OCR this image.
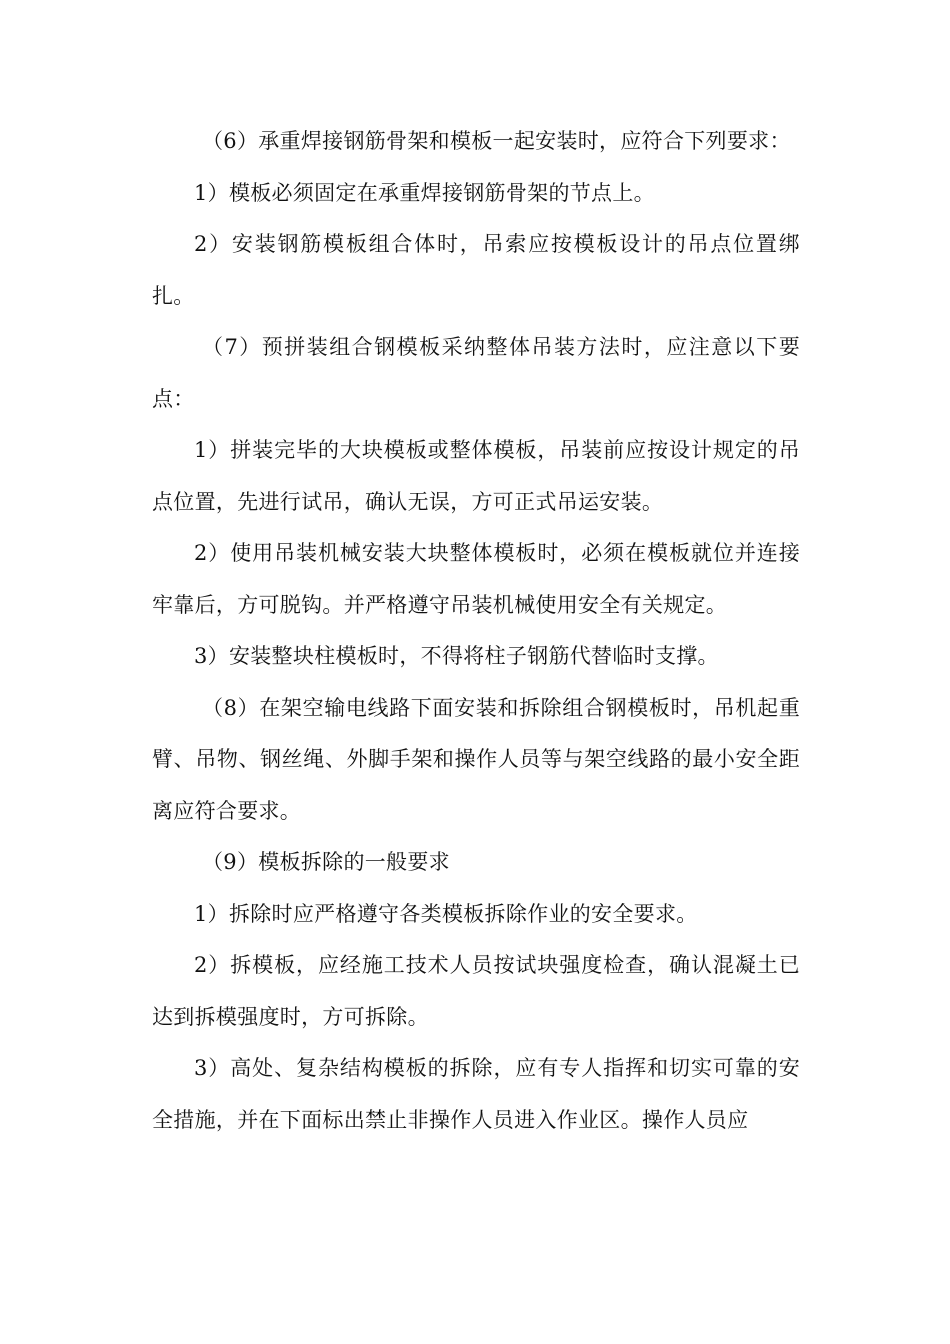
（6）承重焊接钢筋骨架和模板一起安装时，应符合下列要求：

1）模板必须固定在承重焊接钢筋骨架的节点上。

2）安装钢筋模板组合体时，吊索应按模板设计的吊点位置绑扎。

（7）预拼装组合钢模板采纳整体吊装方法时，应注意以下要点：

1）拼装完毕的大块模板或整体模板，吊装前应按设计规定的吊点位置，先进行试吊，确认无误，方可正式吊运安装。

2）使用吊装机械安装大块整体模板时，必须在模板就位并连接牢靠后，方可脱钩。并严格遵守吊装机械使用安全有关规定。

3）安装整块柱模板时，不得将柱子钢筋代替临时支撑。

（8）在架空输电线路下面安装和拆除组合钢模板时，吊机起重臂、吊物、钢丝绳、外脚手架和操作人员等与架空线路的最小安全距离应符合要求。

（9）模板拆除的一般要求

1）拆除时应严格遵守各类模板拆除作业的安全要求。

2）拆模板，应经施工技术人员按试块强度检查，确认混凝土已达到拆模强度时，方可拆除。

3）高处、复杂结构模板的拆除，应有专人指挥和切实可靠的安全措施，并在下面标出禁止非操作人员进入作业区。操作人员应
